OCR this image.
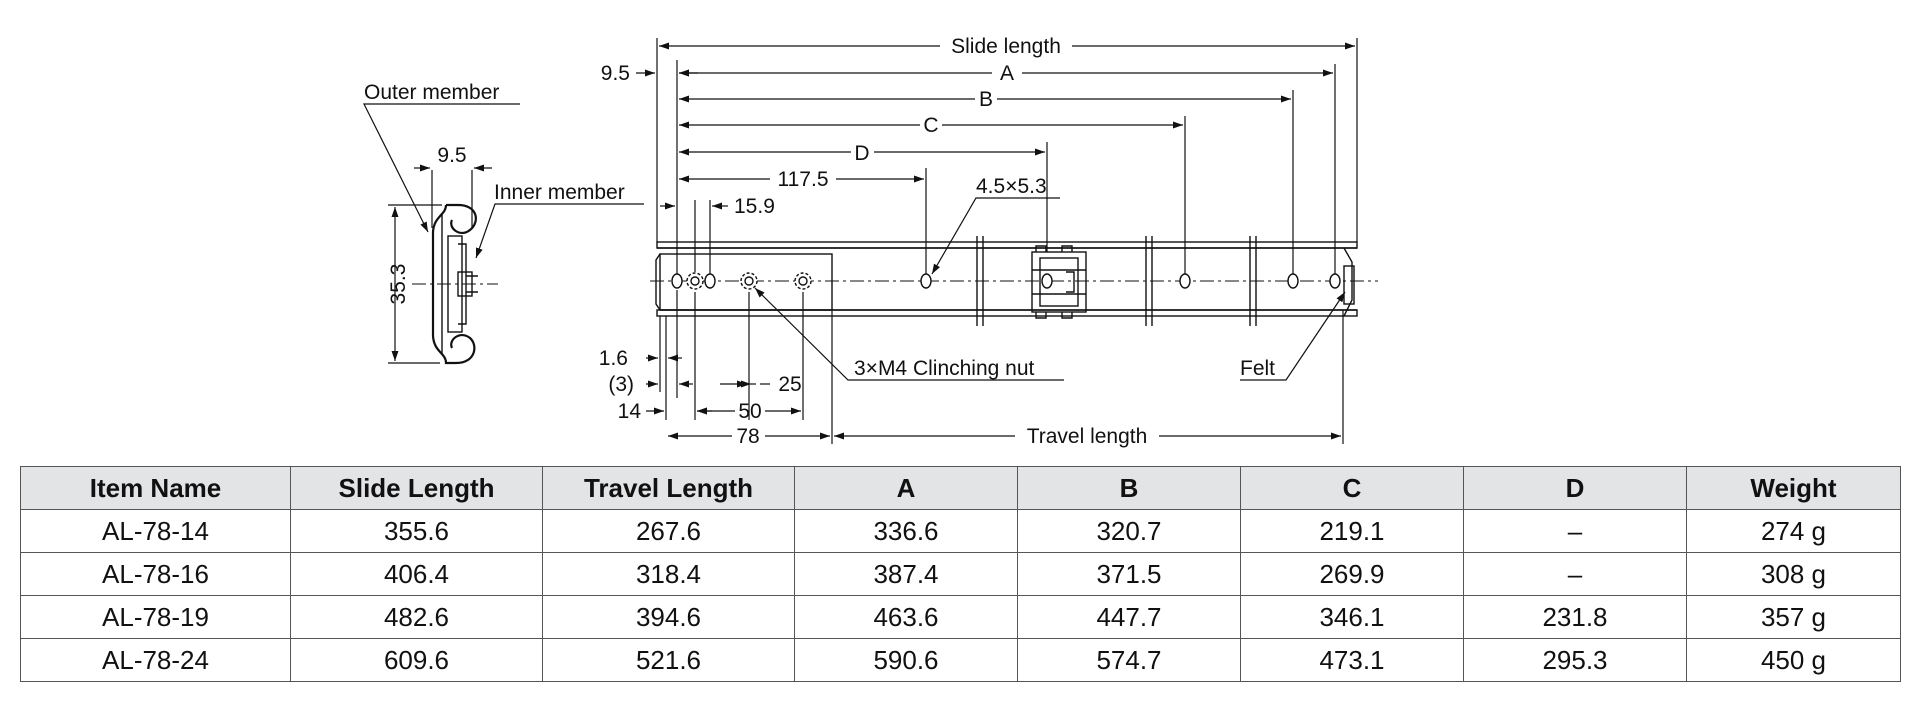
9.5
35.3
Outer member
Inner member
Slide length
A
B
C
D
117.5
9.5
15.9
4.5×5.3
1.6
(3)	25
14	50
78	Travel length
3×M4 Clinching nut	Felt
Item Name	Slide Length	Travel Length	A	B	C	D	Weight
AL-78-14	355.6	267.6	336.6	320.7	219.1	–	274 g
AL-78-16	406.4	318.4	387.4	371.5	269.9	–	308 g
AL-78-19	482.6	394.6	463.6	447.7	346.1	231.8	357 g
AL-78-24	609.6	521.6	590.6	574.7	473.1	295.3	450 g
